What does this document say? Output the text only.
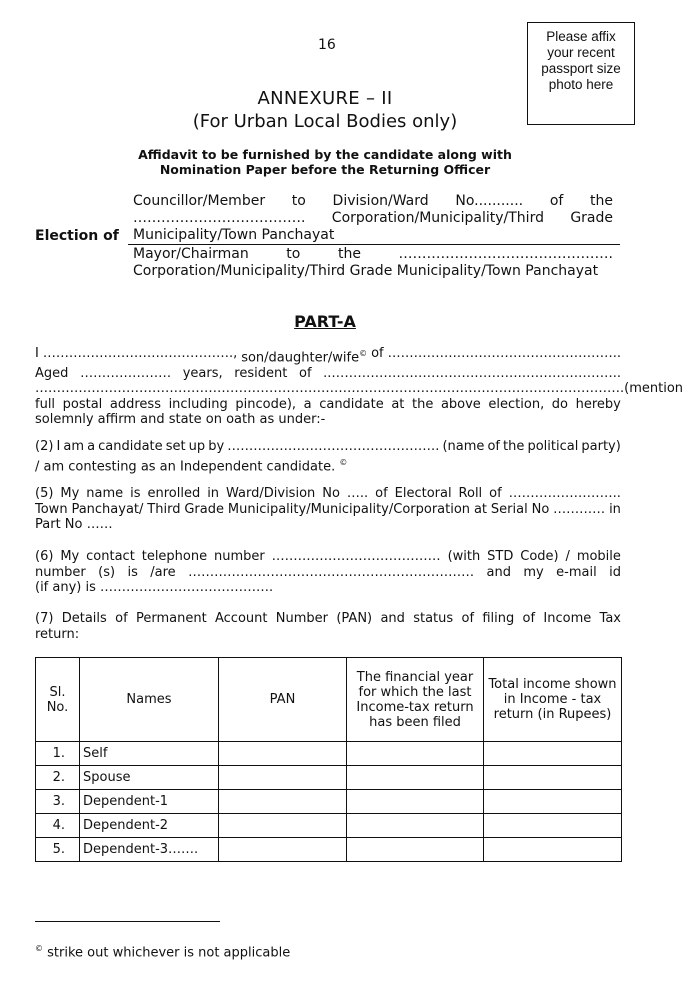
16
Please affix
your recent
passport size
photo here
ANNEXURE – II
(For Urban Local Bodies only)
Affidavit to be furnished by the candidate along with
Nomination Paper before the Returning Officer
Election of
Councillor/Member to Division/Ward No........... of the
………………………………. Corporation/Municipality/Third Grade
Municipality/Town Panchayat
Mayor/Chairman	to	the	……………………………………….
Corporation/Municipality/Third Grade Municipality/Town Panchayat
PART-A
I ……………………….……………., son/daughter/wife© of …………….………………………………..
Aged ………………… years, resident of ..…………………………….……….…………………..
………………………………………………………………………………………………………………………. (mention
full postal address including pincode), a candidate at the above election, do hereby
solemnly affirm and state on oath as under:-
(2) I am a candidate set up by …………………………………………. (name of the political party)
/ am contesting as an Independent candidate. ©
(5) My name is enrolled in Ward/Division No ….. of Electoral Roll of ……………………..
Town Panchayat/ Third Grade Municipality/Municipality/Corporation at Serial No ………… in
Part No ……
(6) My contact telephone number ………………………………… (with STD Code) / mobile
number (s) is /are ………………………………………………………… and my e-mail id
(if any) is ………………………………….
(7) Details of Permanent Account Number (PAN) and status of filing of Income Tax
return:
Sl. No.	Names	PAN	The financial year for which the last Income-tax return has been filed	Total income shown in Income - tax return (in Rupees)
1.	Self			
2.	Spouse			
3.	Dependent-1			
4.	Dependent-2			
5.	Dependent-3…….			
© strike out whichever is not applicable
